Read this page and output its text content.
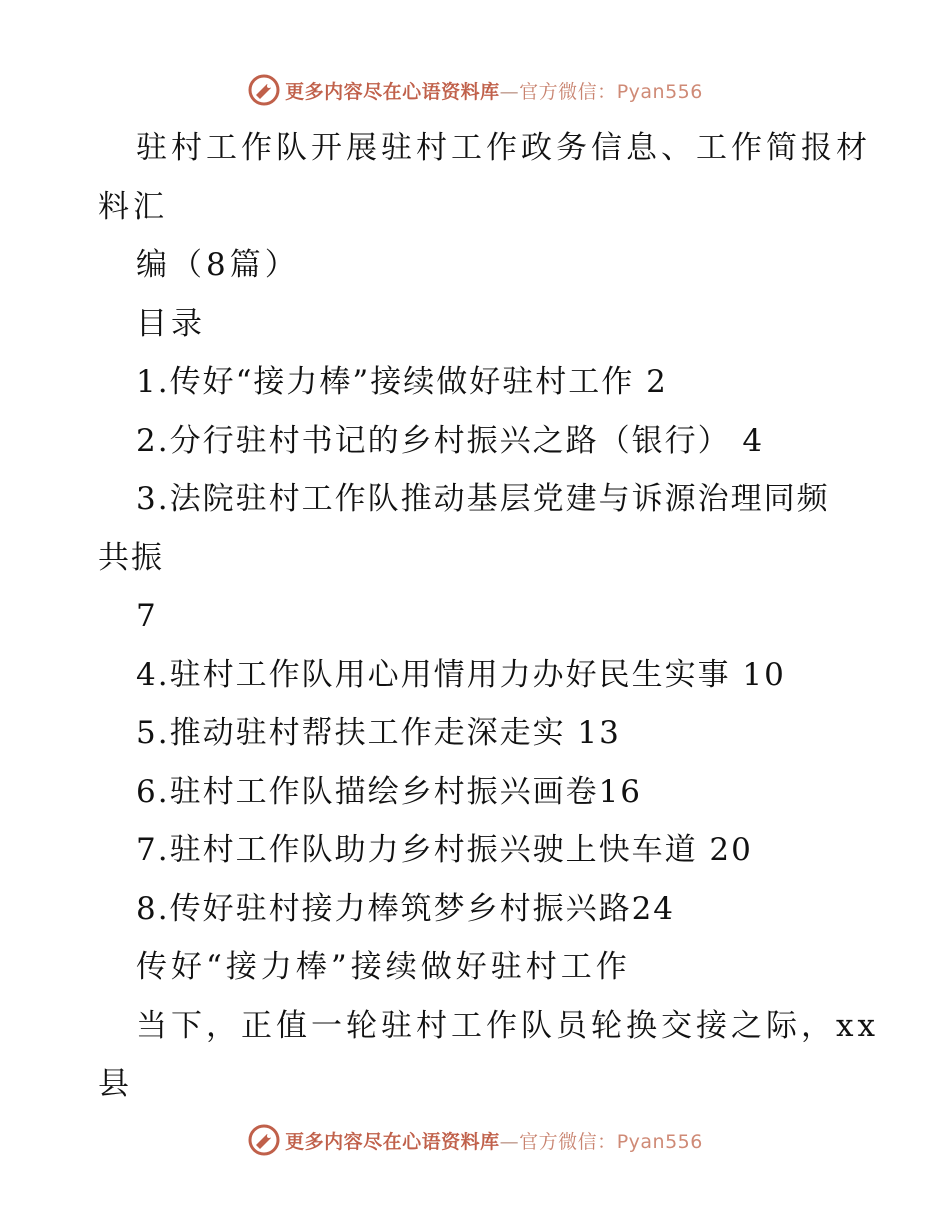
更多内容尽在心语资料库—官方微信：Pyan556
驻村工作队开展驻村工作政务信息、工作简报材
料汇
编（8篇）
目录
1.传好“接力棒”接续做好驻村工作 2
2.分行驻村书记的乡村振兴之路（银行） 4
3.法院驻村工作队推动基层党建与诉源治理同频
共振
7
4.驻村工作队用心用情用力办好民生实事 10
5.推动驻村帮扶工作走深走实 13
6.驻村工作队描绘乡村振兴画卷16
7.驻村工作队助力乡村振兴驶上快车道 20
8.传好驻村接力棒筑梦乡村振兴路24
传好“接力棒”接续做好驻村工作
当下，正值一轮驻村工作队员轮换交接之际，xx
县
更多内容尽在心语资料库—官方微信：Pyan556
